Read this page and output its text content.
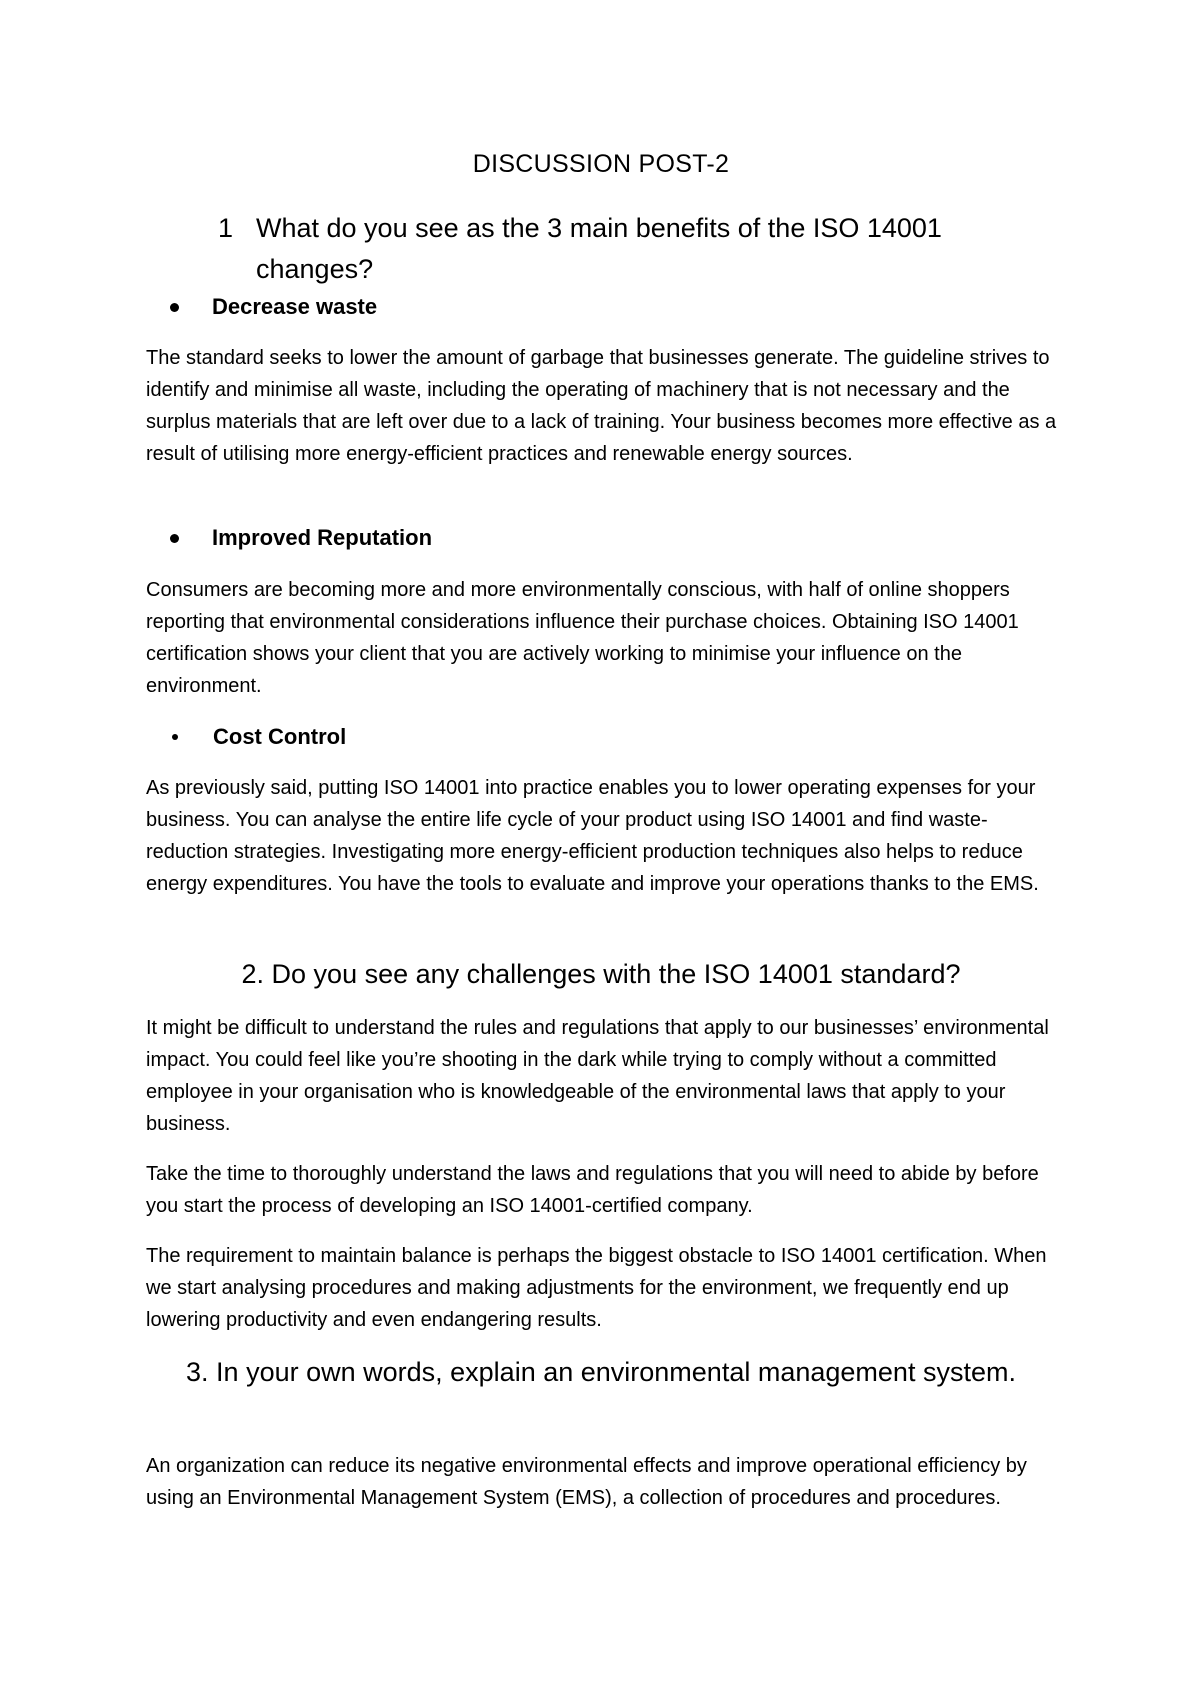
DISCUSSION POST-2
1 What do you see as the 3 main benefits of the ISO 14001 changes?
Decrease waste
The standard seeks to lower the amount of garbage that businesses generate. The guideline strives to identify and minimise all waste, including the operating of machinery that is not necessary and the surplus materials that are left over due to a lack of training. Your business becomes more effective as a result of utilising more energy-efficient practices and renewable energy sources.
Improved Reputation
Consumers are becoming more and more environmentally conscious, with half of online shoppers reporting that environmental considerations influence their purchase choices. Obtaining ISO 14001 certification shows your client that you are actively working to minimise your influence on the environment.
Cost Control
As previously said, putting ISO 14001 into practice enables you to lower operating expenses for your business. You can analyse the entire life cycle of your product using ISO 14001 and find waste-reduction strategies. Investigating more energy-efficient production techniques also helps to reduce energy expenditures. You have the tools to evaluate and improve your operations thanks to the EMS.
2. Do you see any challenges with the ISO 14001 standard?
It might be difficult to understand the rules and regulations that apply to our businesses’ environmental impact. You could feel like you’re shooting in the dark while trying to comply without a committed employee in your organisation who is knowledgeable of the environmental laws that apply to your business.
Take the time to thoroughly understand the laws and regulations that you will need to abide by before you start the process of developing an ISO 14001-certified company.
The requirement to maintain balance is perhaps the biggest obstacle to ISO 14001 certification. When we start analysing procedures and making adjustments for the environment, we frequently end up lowering productivity and even endangering results.
3. In your own words, explain an environmental management system.
An organization can reduce its negative environmental effects and improve operational efficiency by using an Environmental Management System (EMS), a collection of procedures and procedures.
